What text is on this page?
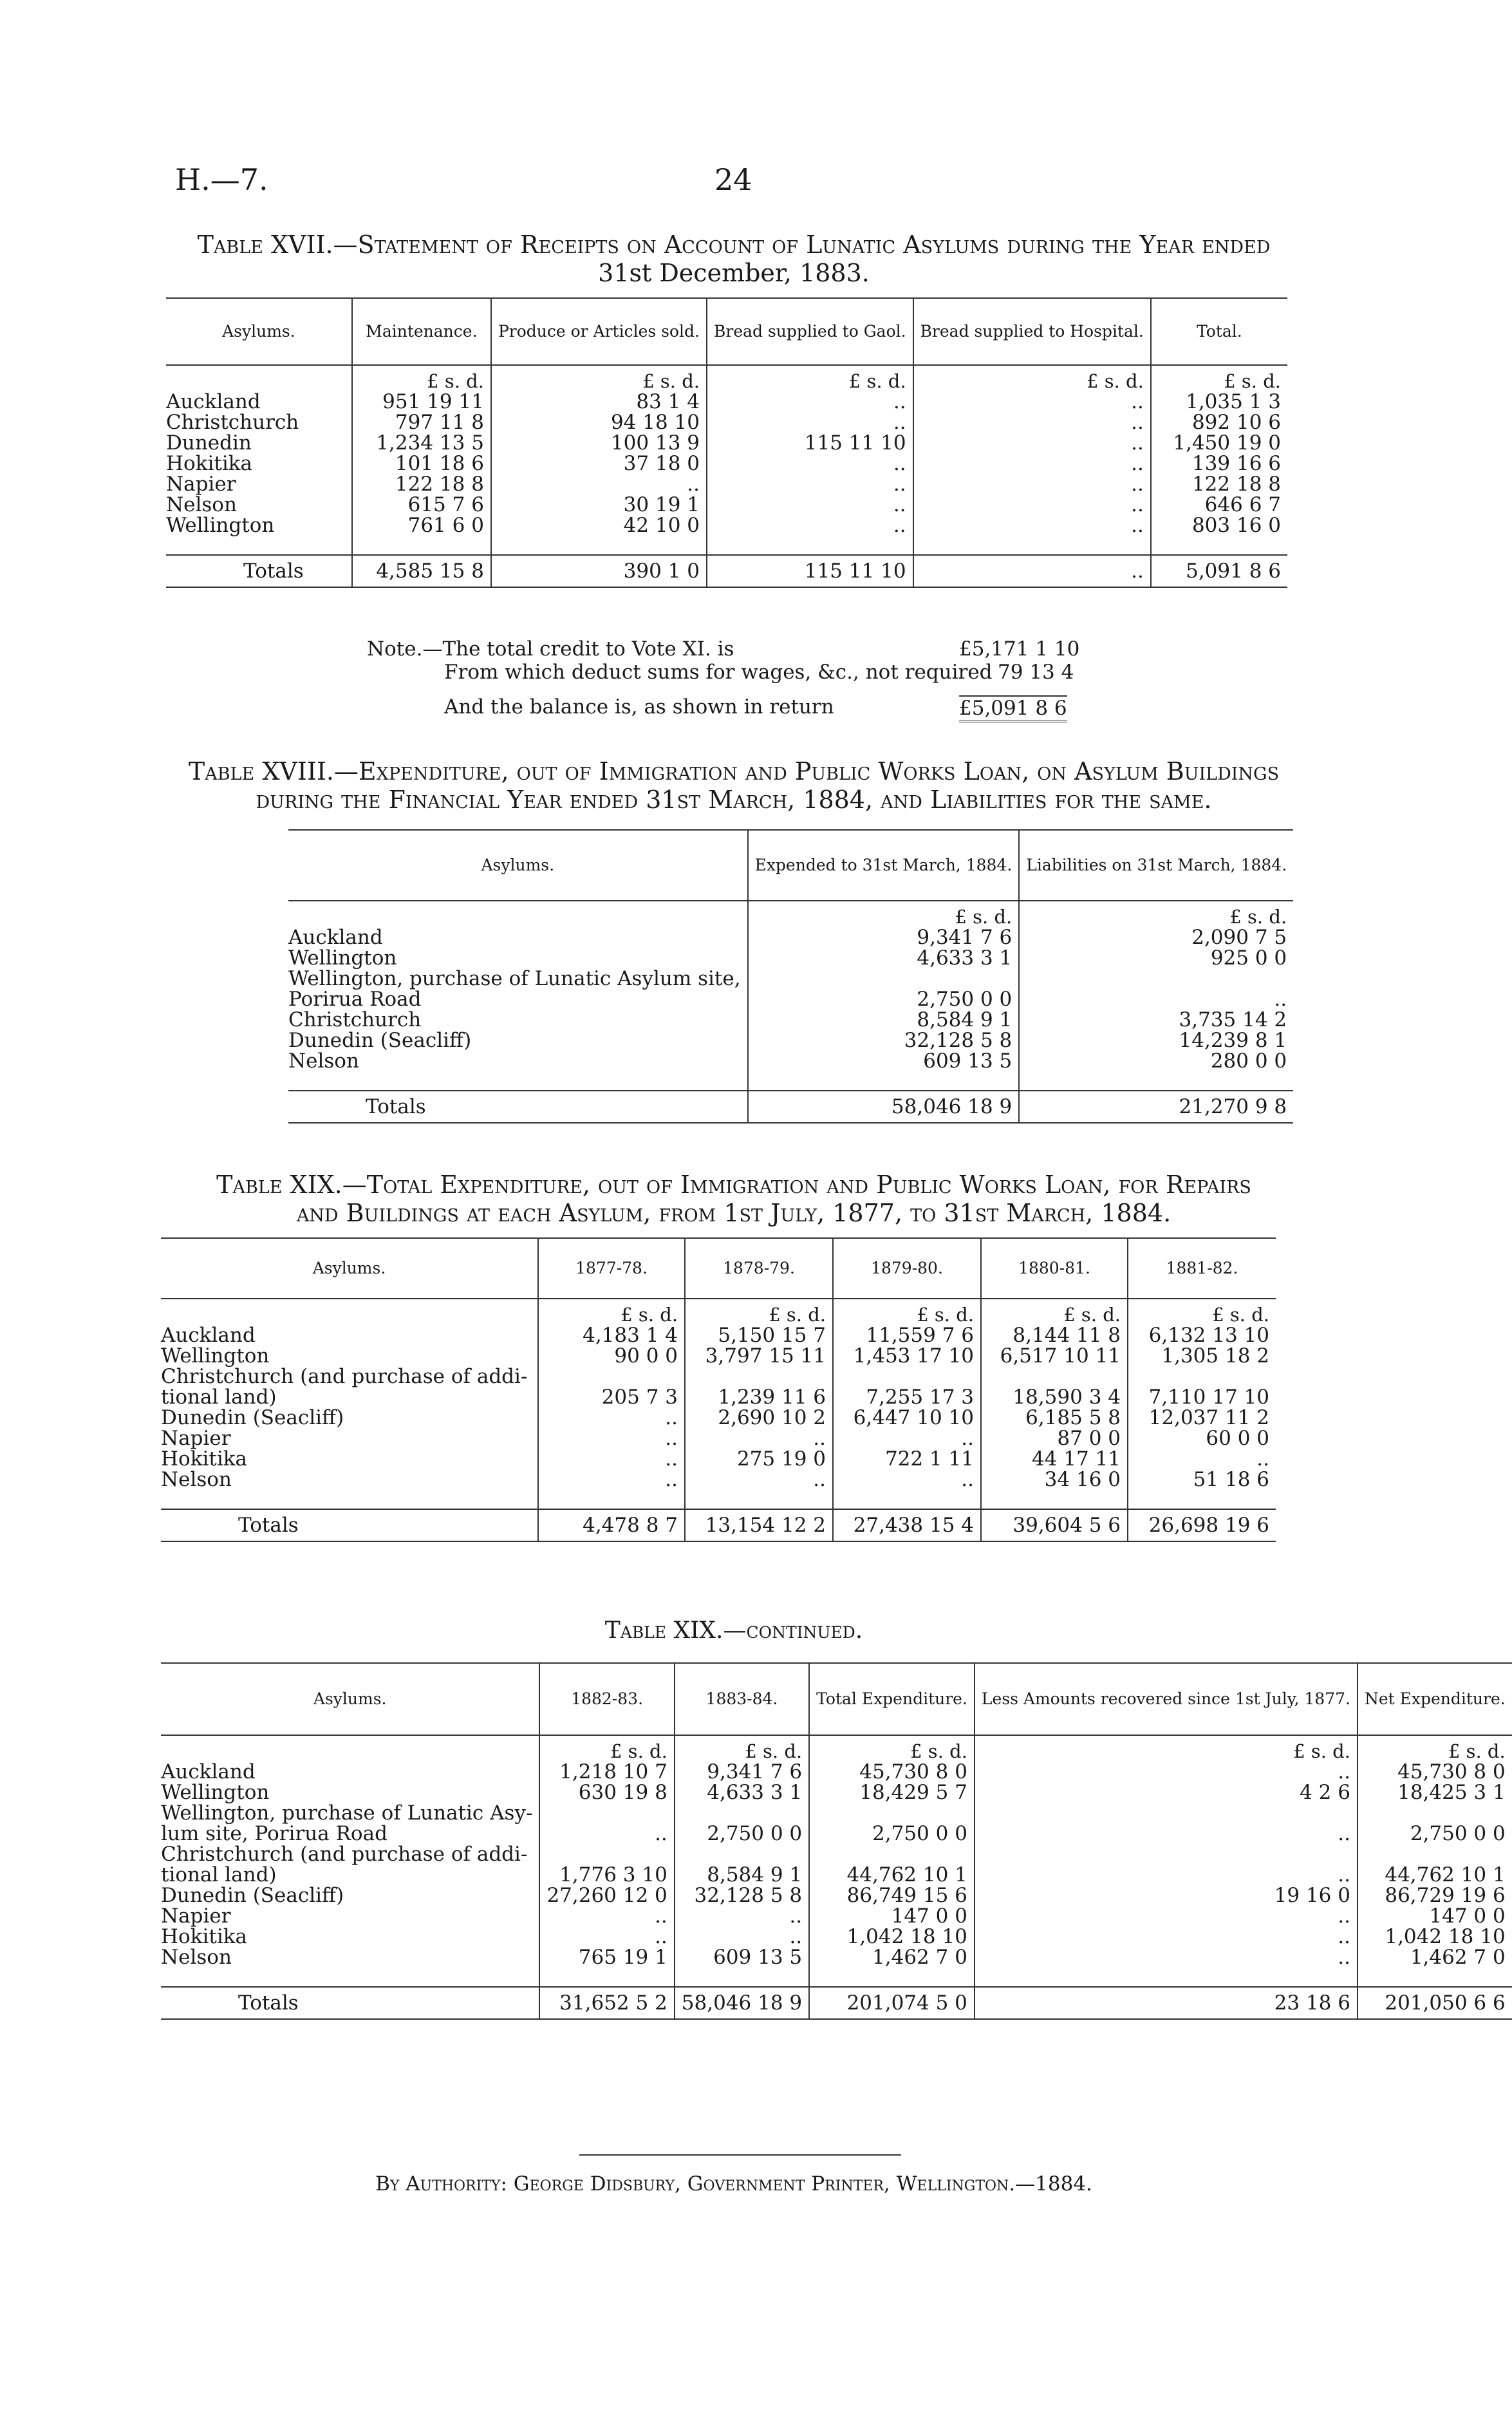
H.—7.	24
Table XVII.—Statement of Receipts on Account of Lunatic Asylums during the Year ended
31st December, 1883.
Asylums.	Maintenance.	Produce or Articles sold.	Bread supplied to Gaol.	Bread supplied to Hospital.	Total.
	£ s. d.	£ s. d.	£ s. d.	£ s. d.	£ s. d.
Auckland	951 19 11	83 1 4	..	..	1,035 1 3
Christchurch	797 11 8	94 18 10	..	..	892 10 6
Dunedin	1,234 13 5	100 13 9	115 11 10	..	1,450 19 0
Hokitika	101 18 6	37 18 0	..	..	139 16 6
Napier	122 18 8	..	..	..	122 18 8
Nelson	615 7 6	30 19 1	..	..	646 6 7
Wellington	761 6 0	42 10 0	..	..	803 16 0

Totals	4,585 15 8	390 1 0	115 11 10	..	5,091 8 6
Note.—The total credit to Vote XI. is	£5,171 1 10
From which deduct sums for wages, &c., not required 79 13 4
And the balance is, as shown in return	£5,091 8 6
Table XVIII.—Expenditure, out of Immigration and Public Works Loan, on Asylum Buildings
during the Financial Year ended 31st March, 1884, and Liabilities for the same.
Asylums.	Expended to 31st March, 1884.	Liabilities on 31st March, 1884.
	£ s. d.	£ s. d.
Auckland	9,341 7 6	2,090 7 5
Wellington	4,633 3 1	925 0 0
Wellington, purchase of Lunatic Asylum site,		
Porirua Road	2,750 0 0	..
Christchurch	8,584 9 1	3,735 14 2
Dunedin (Seacliff)	32,128 5 8	14,239 8 1
Nelson	609 13 5	280 0 0

Totals	58,046 18 9	21,270 9 8
Table XIX.—Total Expenditure, out of Immigration and Public Works Loan, for Repairs
and Buildings at each Asylum, from 1st July, 1877, to 31st March, 1884.
Asylums.	1877-78.	1878-79.	1879-80.	1880-81.	1881-82.
	£ s. d.	£ s. d.	£ s. d.	£ s. d.	£ s. d.
Auckland	4,183 1 4	5,150 15 7	11,559 7 6	8,144 11 8	6,132 13 10
Wellington	90 0 0	3,797 15 11	1,453 17 10	6,517 10 11	1,305 18 2
Christchurch (and purchase of addi-					
tional land)	205 7 3	1,239 11 6	7,255 17 3	18,590 3 4	7,110 17 10
Dunedin (Seacliff)	..	2,690 10 2	6,447 10 10	6,185 5 8	12,037 11 2
Napier	..	..	..	87 0 0	60 0 0
Hokitika	..	275 19 0	722 1 11	44 17 11	..
Nelson	..	..	..	34 16 0	51 18 6

Totals	4,478 8 7	13,154 12 2	27,438 15 4	39,604 5 6	26,698 19 6
Table XIX.—continued.
Asylums.	1882-83.	1883-84.	Total Expenditure.	Less Amounts recovered since 1st July, 1877.	Net Expenditure.
	£ s. d.	£ s. d.	£ s. d.	£ s. d.	£ s. d.
Auckland	1,218 10 7	9,341 7 6	45,730 8 0	..	45,730 8 0
Wellington	630 19 8	4,633 3 1	18,429 5 7	4 2 6	18,425 3 1
Wellington, purchase of Lunatic Asy-					
lum site, Porirua Road	..	2,750 0 0	2,750 0 0	..	2,750 0 0
Christchurch (and purchase of addi-					
tional land)	1,776 3 10	8,584 9 1	44,762 10 1	..	44,762 10 1
Dunedin (Seacliff)	27,260 12 0	32,128 5 8	86,749 15 6	19 16 0	86,729 19 6
Napier	..	..	147 0 0	..	147 0 0
Hokitika	..	..	1,042 18 10	..	1,042 18 10
Nelson	765 19 1	609 13 5	1,462 7 0	..	1,462 7 0

Totals	31,652 5 2	58,046 18 9	201,074 5 0	23 18 6	201,050 6 6
By Authority: George Didsbury, Government Printer, Wellington.—1884.
